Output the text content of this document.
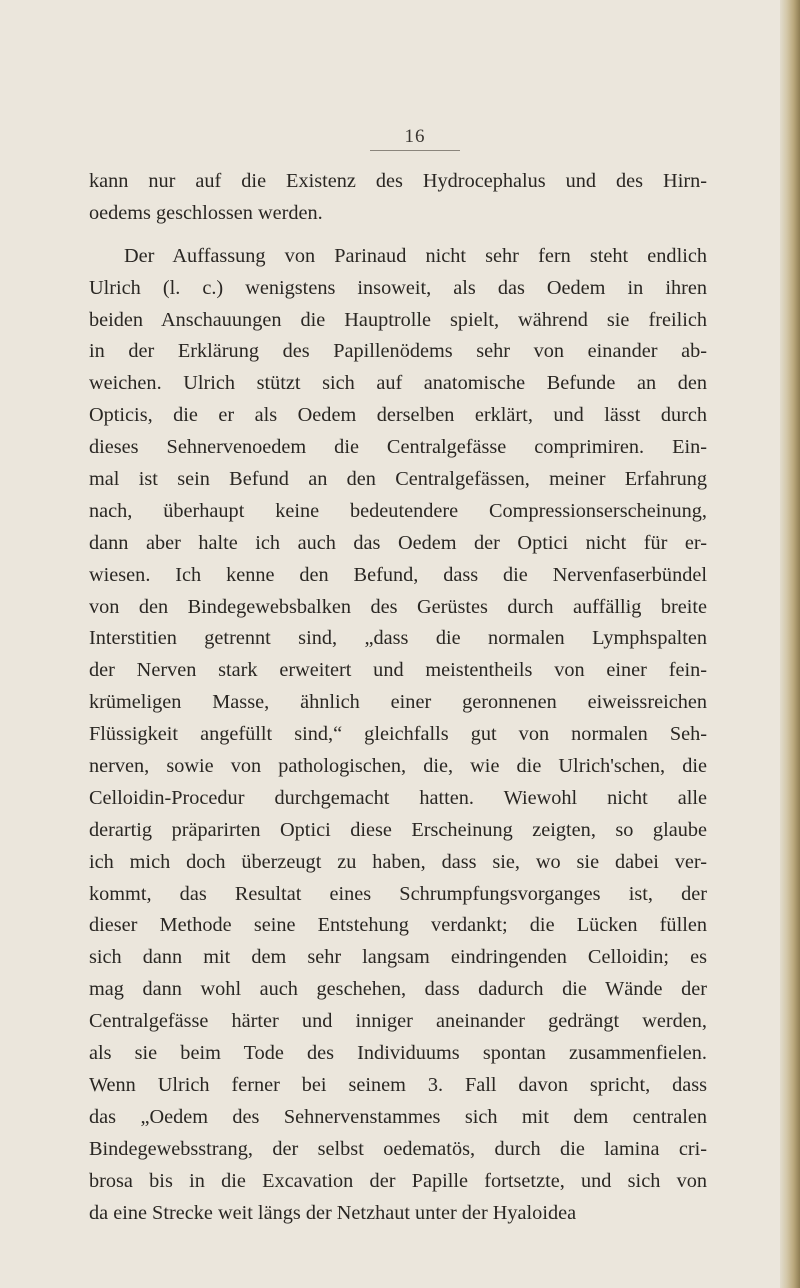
16
kann nur auf die Existenz des Hydrocephalus und des Hirn-
oedems geschlossen werden.
Der Auffassung von Parinaud nicht sehr fern steht endlich
Ulrich (l. c.) wenigstens insoweit, als das Oedem in ihren
beiden Anschauungen die Hauptrolle spielt, während sie freilich
in der Erklärung des Papillenödems sehr von einander ab-
weichen. Ulrich stützt sich auf anatomische Befunde an den
Opticis, die er als Oedem derselben erklärt, und lässt durch
dieses Sehnervenoedem die Centralgefässe comprimiren. Ein-
mal ist sein Befund an den Centralgefässen, meiner Erfahrung
nach, überhaupt keine bedeutendere Compressionserscheinung,
dann aber halte ich auch das Oedem der Optici nicht für er-
wiesen. Ich kenne den Befund, dass die Nervenfaserbündel
von den Bindegewebsbalken des Gerüstes durch auffällig breite
Interstitien getrennt sind, „dass die normalen Lymphspalten
der Nerven stark erweitert und meistentheils von einer fein-
krümeligen Masse, ähnlich einer geronnenen eiweissreichen
Flüssigkeit angefüllt sind,“ gleichfalls gut von normalen Seh-
nerven, sowie von pathologischen, die, wie die Ulrich'schen, die
Celloidin-Procedur durchgemacht hatten. Wiewohl nicht alle
derartig präparirten Optici diese Erscheinung zeigten, so glaube
ich mich doch überzeugt zu haben, dass sie, wo sie dabei ver-
kommt, das Resultat eines Schrumpfungsvorganges ist, der
dieser Methode seine Entstehung verdankt; die Lücken füllen
sich dann mit dem sehr langsam eindringenden Celloidin; es
mag dann wohl auch geschehen, dass dadurch die Wände der
Centralgefässe härter und inniger aneinander gedrängt werden,
als sie beim Tode des Individuums spontan zusammenfielen.
Wenn Ulrich ferner bei seinem 3. Fall davon spricht, dass
das „Oedem des Sehnervenstammes sich mit dem centralen
Bindegewebsstrang, der selbst oedematös, durch die lamina cri-
brosa bis in die Excavation der Papille fortsetzte, und sich von
da eine Strecke weit längs der Netzhaut unter der Hyaloidea
